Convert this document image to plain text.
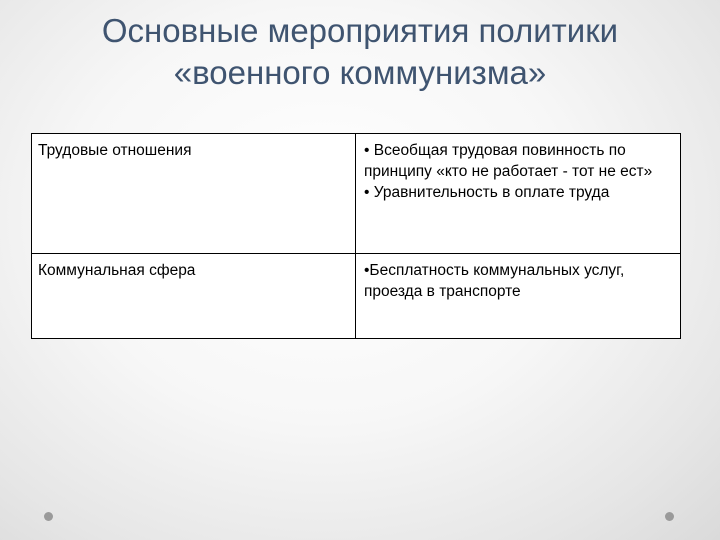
Основные мероприятия политики
«военного коммунизма»
Трудовые отношения	• Всеобщая трудовая повинность по принципу «кто не работает - тот не ест»
• Уравнительность в оплате труда

Коммунальная сфера	•Бесплатность коммунальных услуг, проезда в транспорте
